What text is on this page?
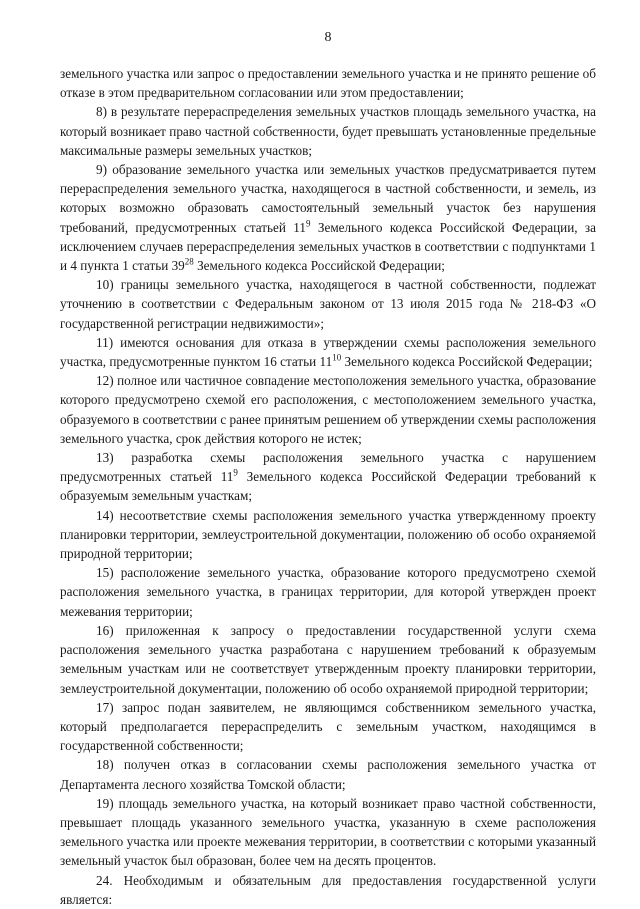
8

земельного участка или запрос о предоставлении земельного участка и не принято решение об отказе в этом предварительном согласовании или этом предоставлении;

8) в результате перераспределения земельных участков площадь земельного участка, на который возникает право частной собственности, будет превышать установленные предельные максимальные размеры земельных участков;

9) образование земельного участка или земельных участков предусматривается путем перераспределения земельного участка, находящегося в частной собственности, и земель, из которых возможно образовать самостоятельный земельный участок без нарушения требований, предусмотренных статьей $11^9$ Земельного кодекса Российской Федерации, за исключением случаев перераспределения земельных участков в соответствии с подпунктами 1 и 4 пункта 1 статьи $39^{28}$ Земельного кодекса Российской Федерации;

10) границы земельного участка, находящегося в частной собственности, подлежат уточнению в соответствии с Федеральным законом от 13 июля 2015 года № 218-ФЗ «О государственной регистрации недвижимости»;

11) имеются основания для отказа в утверждении схемы расположения земельного участка, предусмотренные пунктом 16 статьи $11^{10}$ Земельного кодекса Российской Федерации;

12) полное или частичное совпадение местоположения земельного участка, образование которого предусмотрено схемой его расположения, с местоположением земельного участка, образуемого в соответствии с ранее принятым решением об утверждении схемы расположения земельного участка, срок действия которого не истек;

13) разработка схемы расположения земельного участка с нарушением предусмотренных статьей $11^9$ Земельного кодекса Российской Федерации требований к образуемым земельным участкам;

14) несоответствие схемы расположения земельного участка утвержденному проекту планировки территории, землеустроительной документации, положению об особо охраняемой природной территории;

15) расположение земельного участка, образование которого предусмотрено схемой расположения земельного участка, в границах территории, для которой утвержден проект межевания территории;

16) приложенная к запросу о предоставлении государственной услуги схема расположения земельного участка разработана с нарушением требований к образуемым земельным участкам или не соответствует утвержденным проекту планировки территории, землеустроительной документации, положению об особо охраняемой природной территории;

17) запрос подан заявителем, не являющимся собственником земельного участка, который предполагается перераспределить с земельным участком, находящимся в государственной собственности;

18) получен отказ в согласовании схемы расположения земельного участка от Департамента лесного хозяйства Томской области;

19) площадь земельного участка, на который возникает право частной собственности, превышает площадь указанного земельного участка, указанную в схеме расположения земельного участка или проекте межевания территории, в соответствии с которыми указанный земельный участок был образован, более чем на десять процентов.

24. Необходимым и обязательным для предоставления государственной услуги является:
